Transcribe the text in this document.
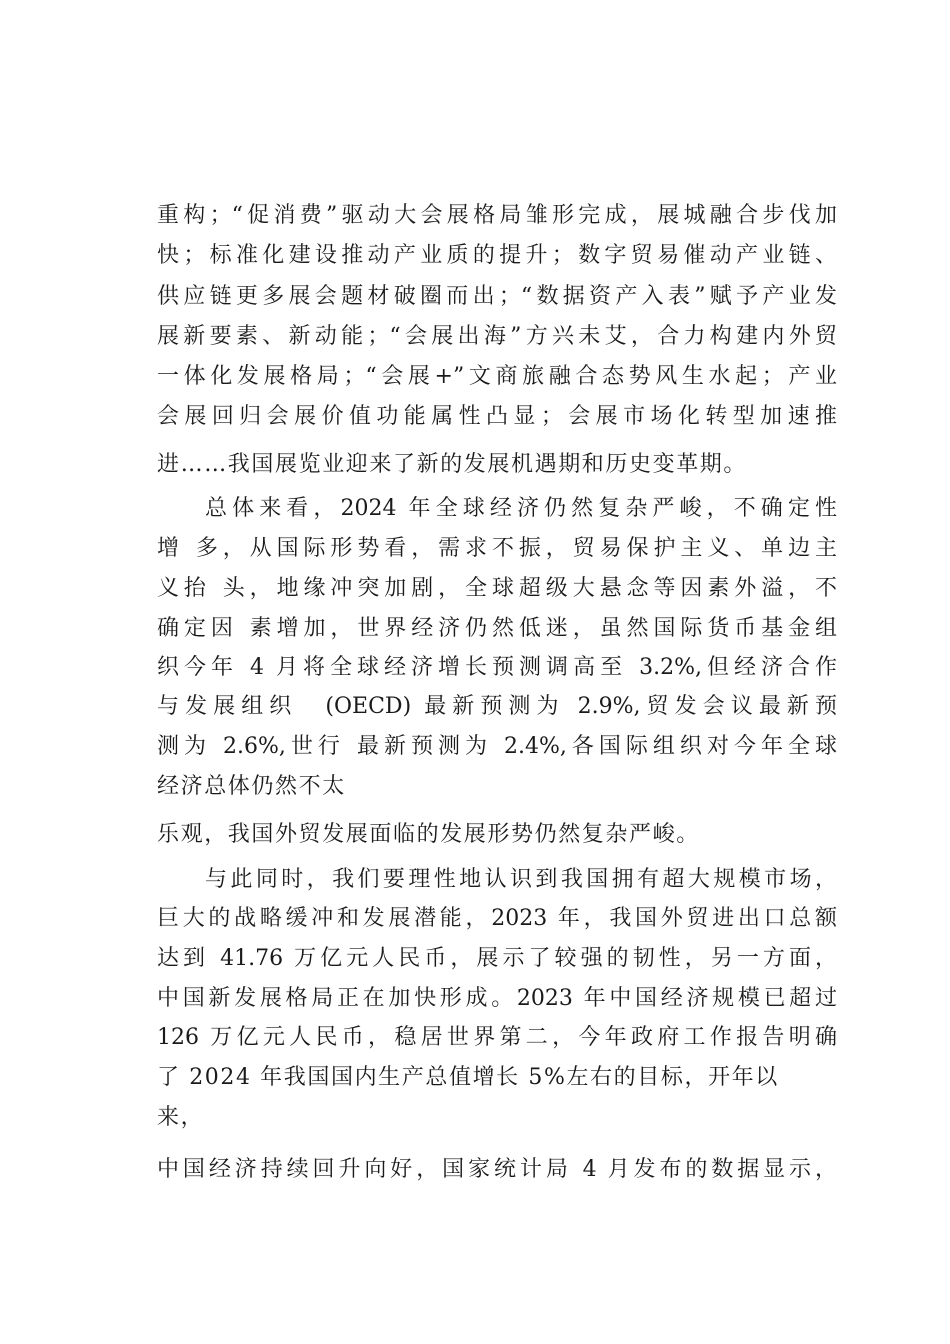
重构；“促消费”驱动大会展格局雏形完成，展城融合步伐加
快；标准化建设推动产业质的提升；数字贸易催动产业链、
供应链更多展会题材破圈而出；“数据资产入表”赋予产业发
展新要素、新动能；“会展出海”方兴未艾，合力构建内外贸
一体化发展格局；“会展+”文商旅融合态势风生水起；产业
会展回归会展价值功能属性凸显；会展市场化转型加速推
进……我国展览业迎来了新的发展机遇期和历史变革期。
总体来看，2024 年全球经济仍然复杂严峻，不确定性
增 多，从国际形势看，需求不振，贸易保护主义、单边主
义抬 头，地缘冲突加剧，全球超级大悬念等因素外溢，不
确定因 素增加，世界经济仍然低迷，虽然国际货币基金组
织今年 4 月将全球经济增长预测调高至 3.2%,但经济合作
与发展组织　(OECD) 最新预测为 2.9%,贸发会议最新预
测为 2.6%,世行 最新预测为 2.4%,各国际组织对今年全球
经济总体仍然不太
乐观，我国外贸发展面临的发展形势仍然复杂严峻。
与此同时，我们要理性地认识到我国拥有超大规模市场，
巨大的战略缓冲和发展潜能，2023 年，我国外贸进出口总额
达到 41.76 万亿元人民币，展示了较强的韧性，另一方面，
中国新发展格局正在加快形成。2023 年中国经济规模已超过
126 万亿元人民币，稳居世界第二，今年政府工作报告明确
了 2024 年我国国内生产总值增长 5%左右的目标，开年以
来，
中国经济持续回升向好，国家统计局 4 月发布的数据显示，
